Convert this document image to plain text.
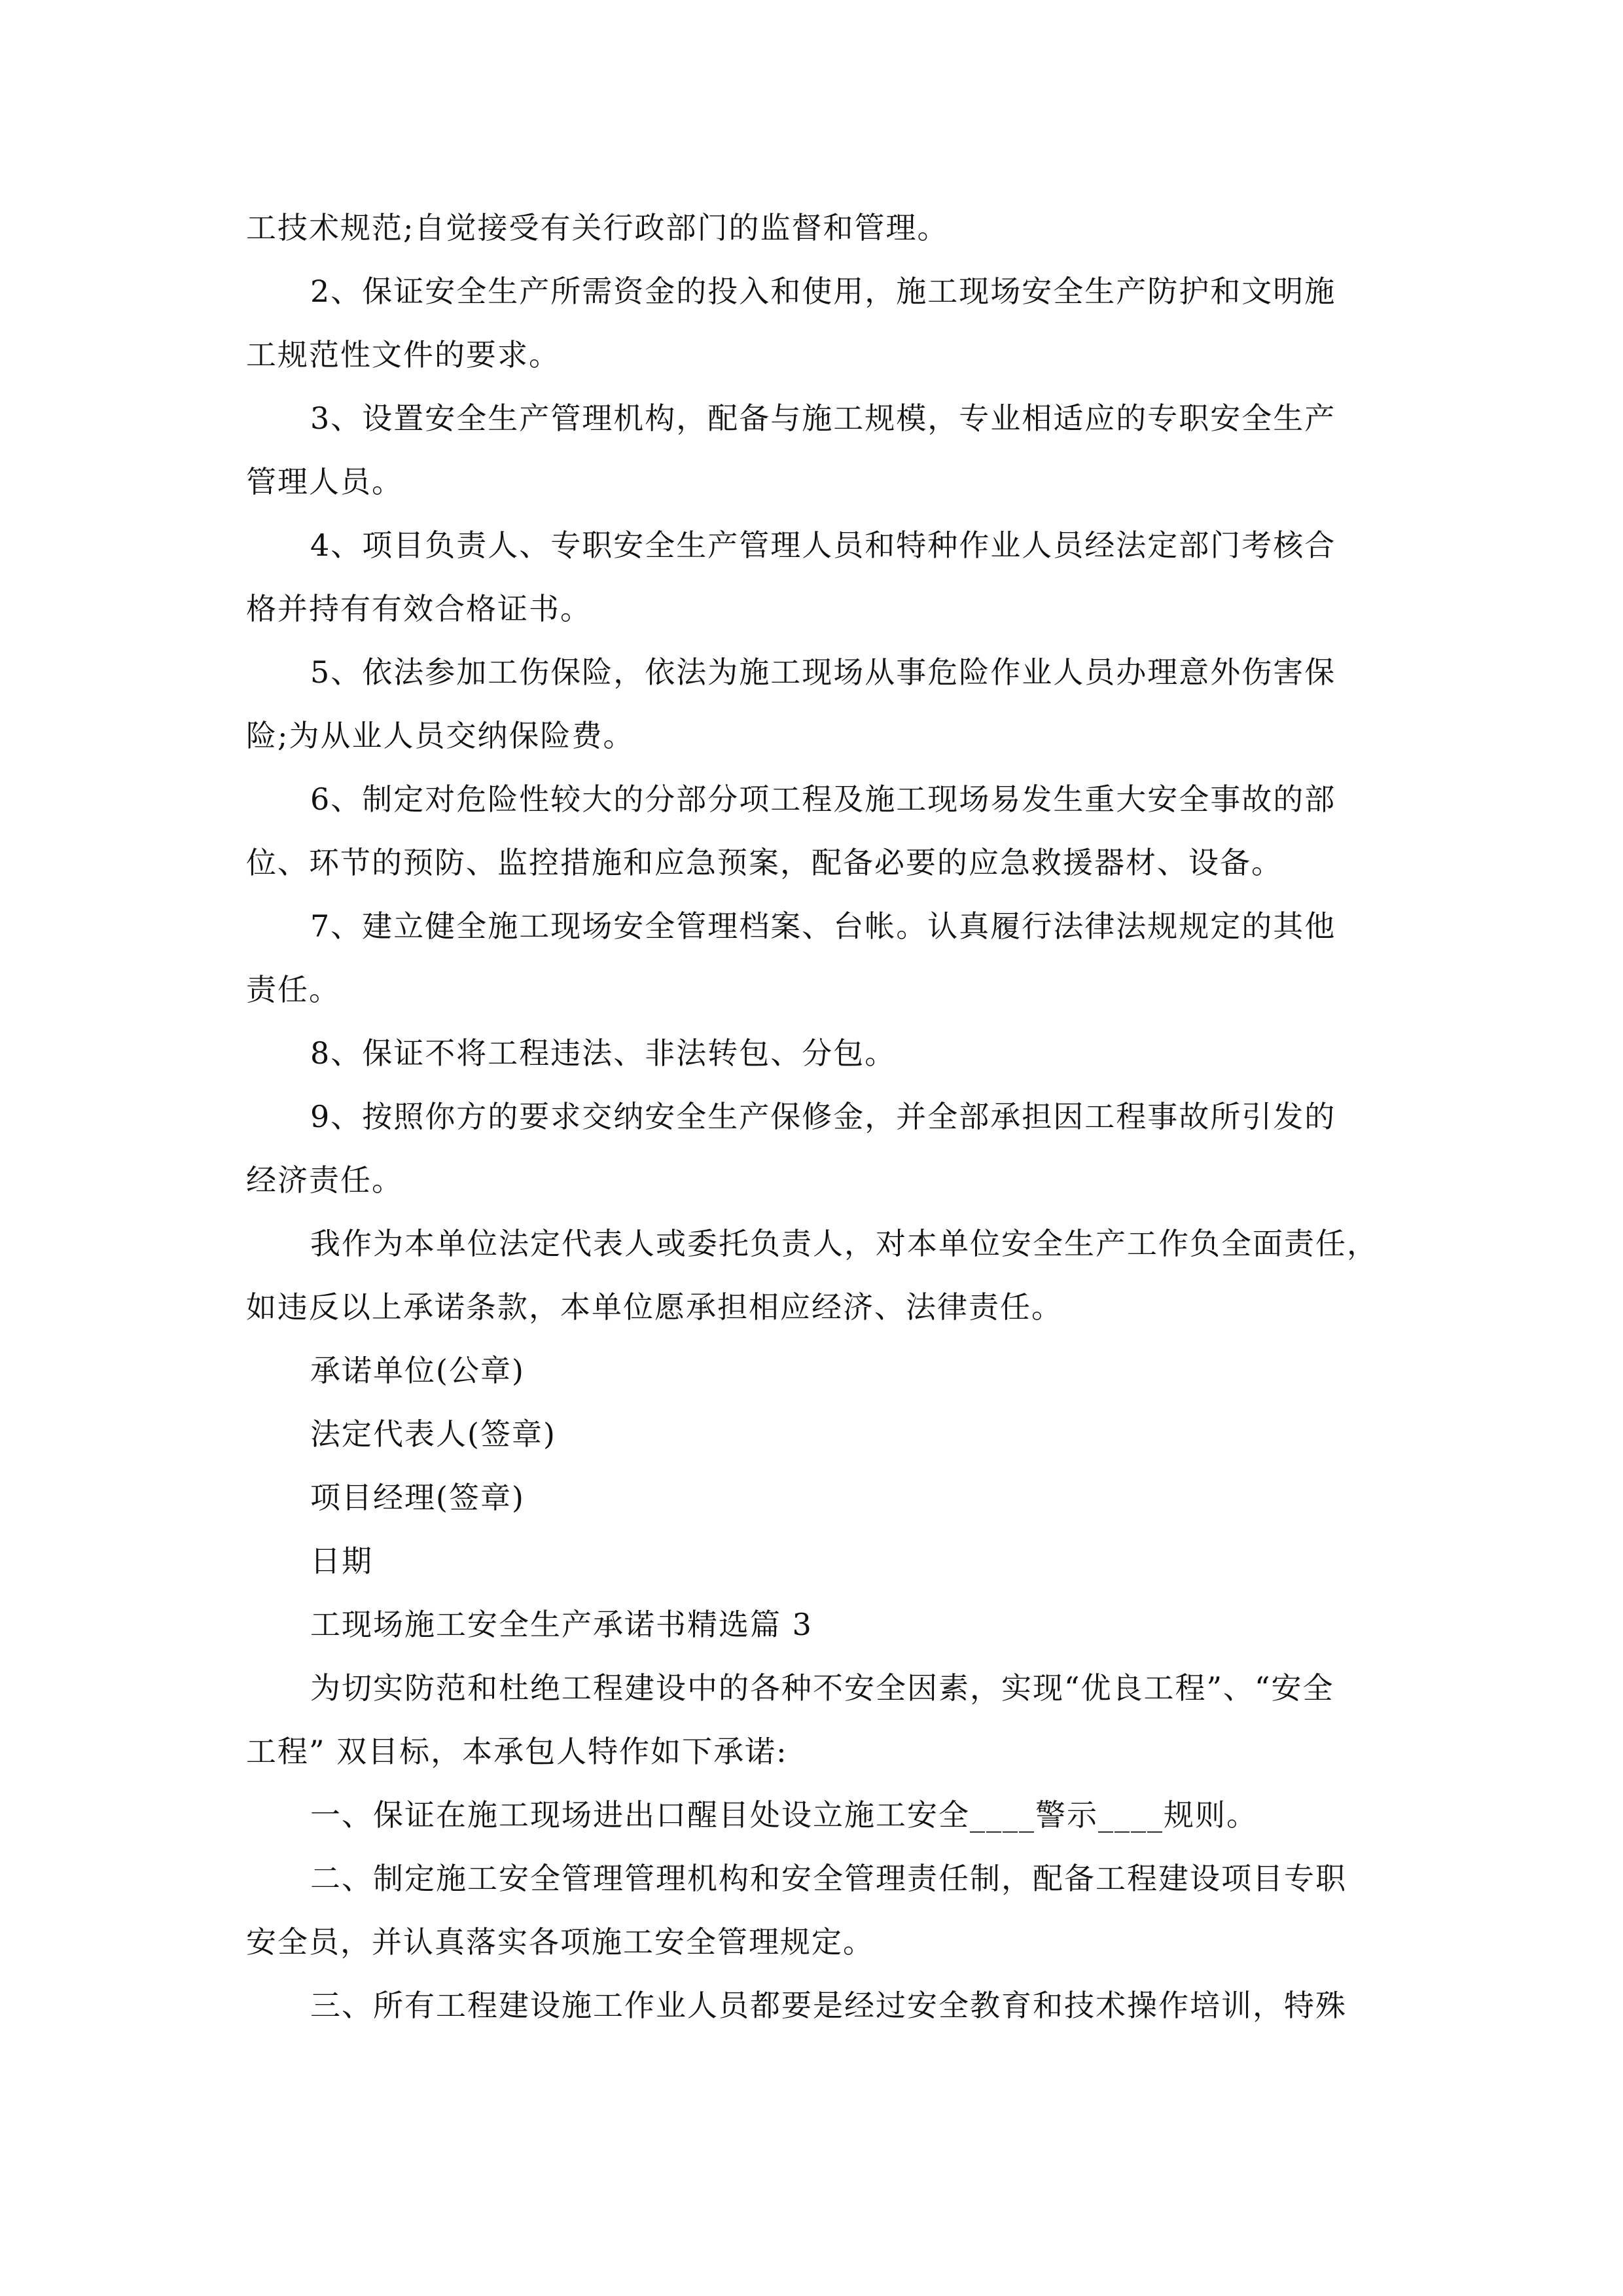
工技术规范;自觉接受有关行政部门的监督和管理。

2、保证安全生产所需资金的投入和使用，施工现场安全生产防护和文明施
工规范性文件的要求。

3、设置安全生产管理机构，配备与施工规模，专业相适应的专职安全生产
管理人员。

4、项目负责人、专职安全生产管理人员和特种作业人员经法定部门考核合
格并持有有效合格证书。

5、依法参加工伤保险，依法为施工现场从事危险作业人员办理意外伤害保
险;为从业人员交纳保险费。

6、制定对危险性较大的分部分项工程及施工现场易发生重大安全事故的部
位、环节的预防、监控措施和应急预案，配备必要的应急救援器材、设备。

7、建立健全施工现场安全管理档案、台帐。认真履行法律法规规定的其他
责任。

8、保证不将工程违法、非法转包、分包。

9、按照你方的要求交纳安全生产保修金，并全部承担因工程事故所引发的
经济责任。

我作为本单位法定代表人或委托负责人，对本单位安全生产工作负全面责任，
如违反以上承诺条款，本单位愿承担相应经济、法律责任。

承诺单位(公章)

法定代表人(签章)

项目经理(签章)

日期

工现场施工安全生产承诺书精选篇 3

为切实防范和杜绝工程建设中的各种不安全因素，实现“优良工程”、“安全
工程” 双目标，本承包人特作如下承诺:

一、保证在施工现场进出口醒目处设立施工安全____警示____规则。

二、制定施工安全管理管理机构和安全管理责任制，配备工程建设项目专职
安全员，并认真落实各项施工安全管理规定。

三、所有工程建设施工作业人员都要是经过安全教育和技术操作培训，特殊
